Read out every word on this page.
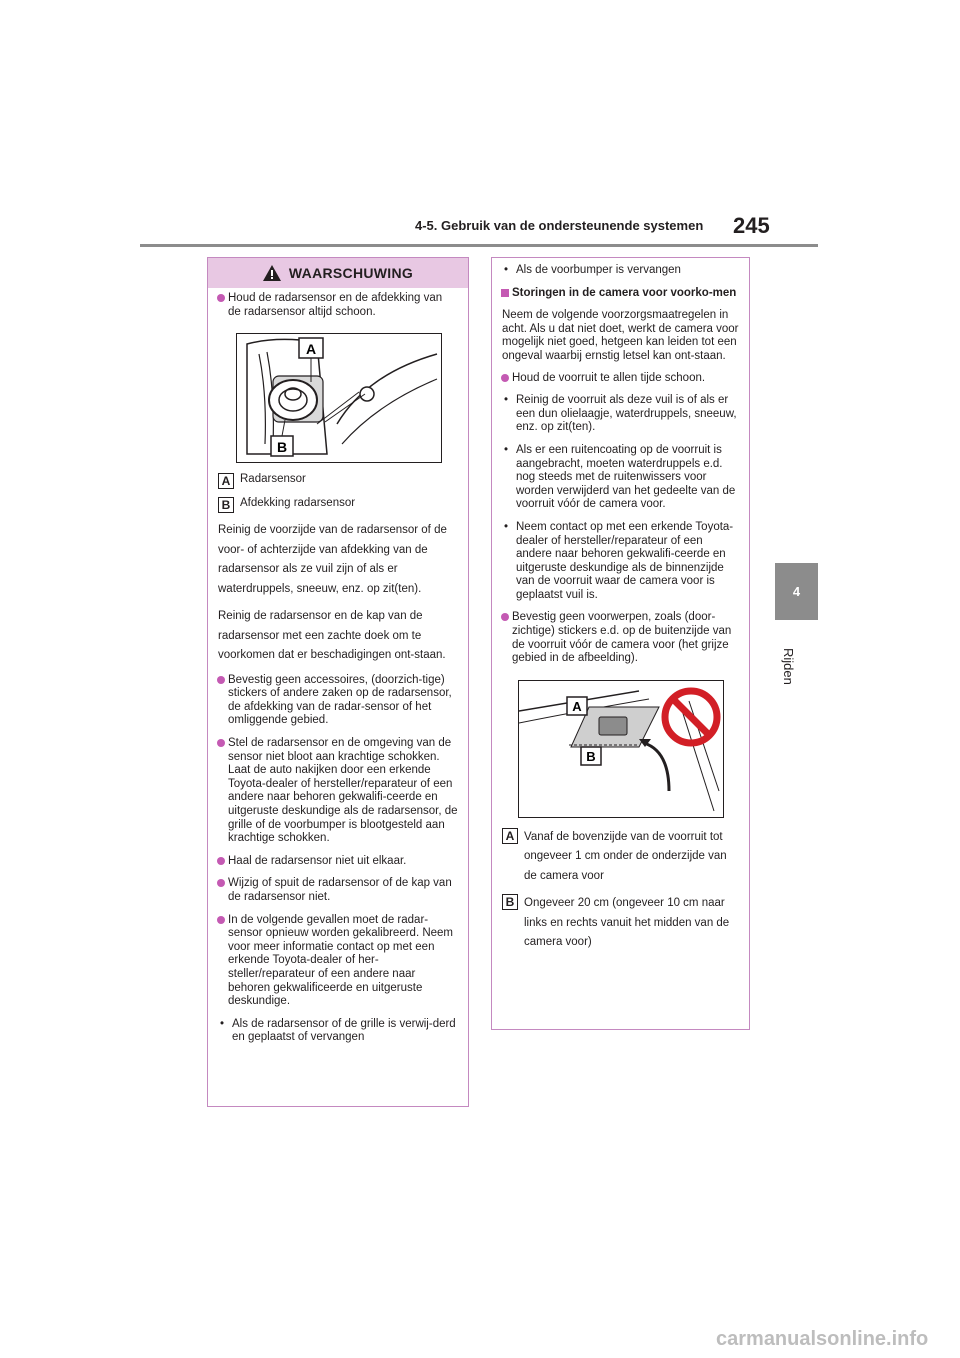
4-5. Gebruik van de ondersteunende systemen 245
4
Rijden
WAARSCHUWING
Houd de radarsensor en de afdekking van de radarsensor altijd schoon.
A
B
A Radarsensor
B Afdekking radarsensor

Reinig de voorzijde van de radarsensor of de voor- of achterzijde van afdekking van de radarsensor als ze vuil zijn of als er waterdruppels, sneeuw, enz. op zit(ten).

Reinig de radarsensor en de kap van de radarsensor met een zachte doek om te voorkomen dat er beschadigingen ont-staan.

Bevestig geen accessoires, (doorzich-tige) stickers of andere zaken op de radarsensor, de afdekking van de radar-sensor of het omliggende gebied.
Stel de radarsensor en de omgeving van de sensor niet bloot aan krachtige schokken. Laat de auto nakijken door een erkende Toyota-dealer of hersteller/reparateur of een andere naar behoren gekwalifi-ceerde en uitgeruste deskundige als de radarsensor, de grille of de voorbumper is blootgesteld aan krachtige schokken.
Haal de radarsensor niet uit elkaar.
Wijzig of spuit de radarsensor of de kap van de radarsensor niet.
In de volgende gevallen moet de radar-sensor opnieuw worden gekalibreerd. Neem voor meer informatie contact op met een erkende Toyota-dealer of her-steller/reparateur of een andere naar behoren gekwalificeerde en uitgeruste deskundige.
• Als de radarsensor of de grille is verwij-derd en geplaatst of vervangen
• Als de voorbumper is vervangen
Storingen in de camera voor voorko-men

Neem de volgende voorzorgsmaatregelen in acht. Als u dat niet doet, werkt de camera voor mogelijk niet goed, hetgeen kan leiden tot een ongeval waarbij ernstig letsel kan ont-staan.

Houd de voorruit te allen tijde schoon.
• Reinig de voorruit als deze vuil is of als er een dun olielaagje, waterdruppels, sneeuw, enz. op zit(ten).
• Als er een ruitencoating op de voorruit is aangebracht, moeten waterdruppels e.d. nog steeds met de ruitenwissers voor worden verwijderd van het gedeelte van de voorruit vóór de camera voor.
• Neem contact op met een erkende Toyota-dealer of hersteller/reparateur of een andere naar behoren gekwalifi-ceerde en uitgeruste deskundige als de binnenzijde van de voorruit waar de camera voor is geplaatst vuil is.
Bevestig geen voorwerpen, zoals (door-zichtige) stickers e.d. op de buitenzijde van de voorruit vóór de camera voor (het grijze gebied in de afbeelding).
A
B
A Vanaf de bovenzijde van de voorruit tot ongeveer 1 cm onder de onderzijde van de camera voor
B Ongeveer 20 cm (ongeveer 10 cm naar links en rechts vanuit het midden van de camera voor)
carmanualsonline.info
